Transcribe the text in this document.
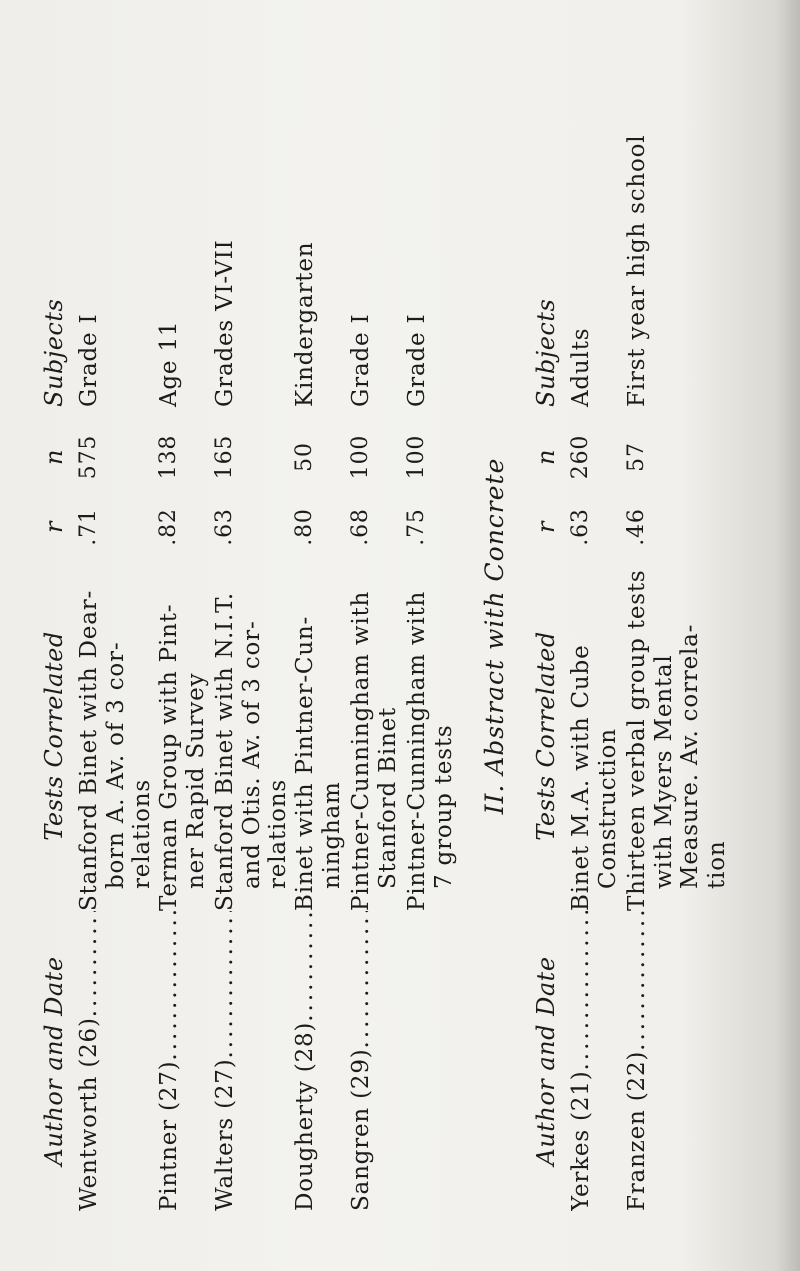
Author and Date
Tests Correlated
r
n
Subjects
Wentworth (26)
.....
Stanford Binet with Dear- born A. Av. of 3 cor- relations
.71
575
Grade I
Pintner (27)
.....
Terman Group with Pint- ner Rapid Survey
.82
138
Age 11
Walters (27)
.....
Stanford Binet with N.I.T. and Otis. Av. of 3 cor- relations
.63
165
Grades VI-VII
Dougherty (28)
.....
Binet with Pintner-Cun- ningham
.80
50
Kindergarten
Sangren (29)
.....
Pintner-Cunningham with Stanford Binet
.68
100
Grade I
Pintner-Cunningham with 7 group tests
.75
100
Grade I
II. Abstract with Concrete
Author and Date
Tests Correlated
r
n
Subjects
Yerkes (21)
.....
Binet M.A. with Cube Construction
.63
260
Adults
Franzen (22)
.....
Thirteen verbal group tests with Myers Mental Measure. Av. correla- tion
.46
57
First year high school
